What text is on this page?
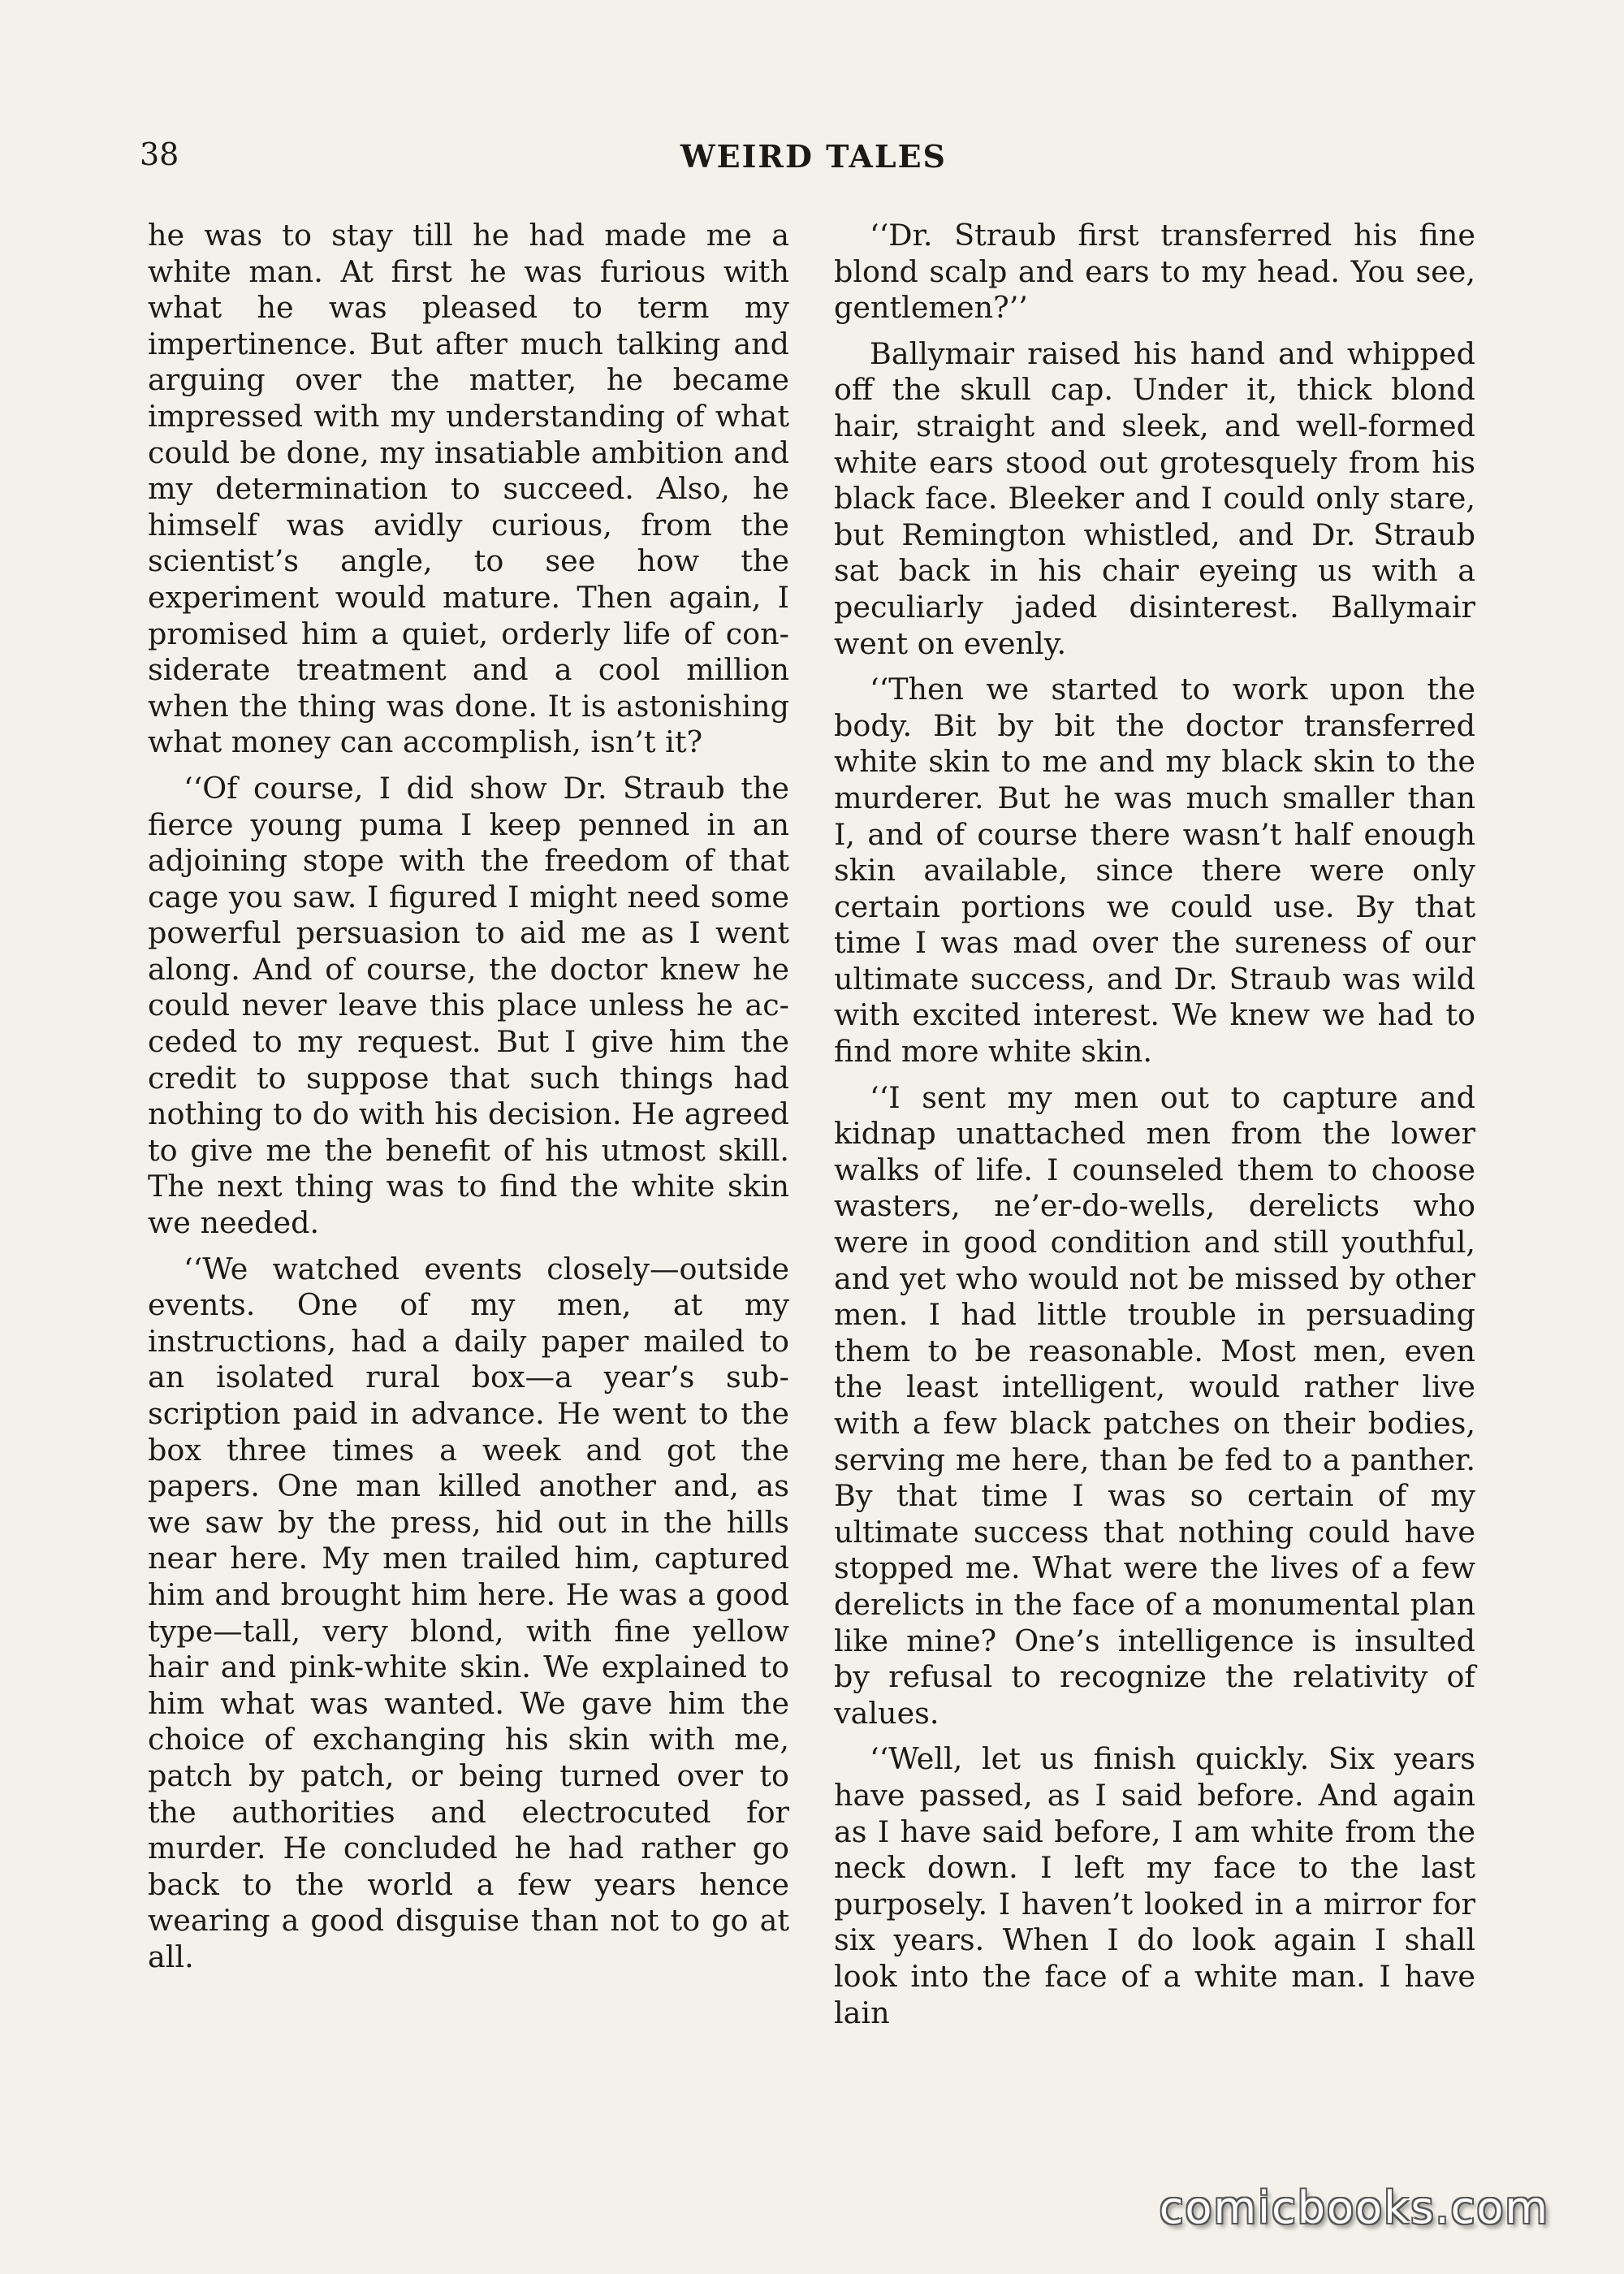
38	WEIRD TALES

he was to stay till he had made me a white man. At first he was furious with what he was pleased to term my impertinence. But after much talking and arguing over the matter, he became impressed with my understanding of what could be done, my insatiable ambition and my determination to succeed. Also, he himself was avidly curious, from the scientist’s angle, to see how the experiment would mature. Then again, I promised him a quiet, orderly life of considerate treatment and a cool million when the thing was done. It is astonishing what money can accomplish, isn’t it?

‘‘Of course, I did show Dr. Straub the fierce young puma I keep penned in an adjoining stope with the freedom of that cage you saw. I figured I might need some powerful persuasion to aid me as I went along. And of course, the doctor knew he could never leave this place unless he acceded to my request. But I give him the credit to suppose that such things had nothing to do with his decision. He agreed to give me the benefit of his utmost skill. The next thing was to find the white skin we needed.

‘‘We watched events closely—outside events. One of my men, at my instructions, had a daily paper mailed to an isolated rural box—a year’s subscription paid in advance. He went to the box three times a week and got the papers. One man killed another and, as we saw by the press, hid out in the hills near here. My men trailed him, captured him and brought him here. He was a good type—tall, very blond, with fine yellow hair and pink-white skin. We explained to him what was wanted. We gave him the choice of exchanging his skin with me, patch by patch, or being turned over to the authorities and electrocuted for murder. He concluded he had rather go back to the world a few years hence wearing a good disguise than not to go at all.

‘‘Dr. Straub first transferred his fine blond scalp and ears to my head. You see, gentlemen?’’

Ballymair raised his hand and whipped off the skull cap. Under it, thick blond hair, straight and sleek, and well-formed white ears stood out grotesquely from his black face. Bleeker and I could only stare, but Remington whistled, and Dr. Straub sat back in his chair eyeing us with a peculiarly jaded disinterest. Ballymair went on evenly.

‘‘Then we started to work upon the body. Bit by bit the doctor transferred white skin to me and my black skin to the murderer. But he was much smaller than I, and of course there wasn’t half enough skin available, since there were only certain portions we could use. By that time I was mad over the sureness of our ultimate success, and Dr. Straub was wild with excited interest. We knew we had to find more white skin.

‘‘I sent my men out to capture and kidnap unattached men from the lower walks of life. I counseled them to choose wasters, ne’er-do-wells, derelicts who were in good condition and still youthful, and yet who would not be missed by other men. I had little trouble in persuading them to be reasonable. Most men, even the least intelligent, would rather live with a few black patches on their bodies, serving me here, than be fed to a panther. By that time I was so certain of my ultimate success that nothing could have stopped me. What were the lives of a few derelicts in the face of a monumental plan like mine? One’s intelligence is insulted by refusal to recognize the relativity of values.

‘‘Well, let us finish quickly. Six years have passed, as I said before. And again as I have said before, I am white from the neck down. I left my face to the last purposely. I haven’t looked in a mirror for six years. When I do look again I shall look into the face of a white man. I have lain

comicbooks.com
